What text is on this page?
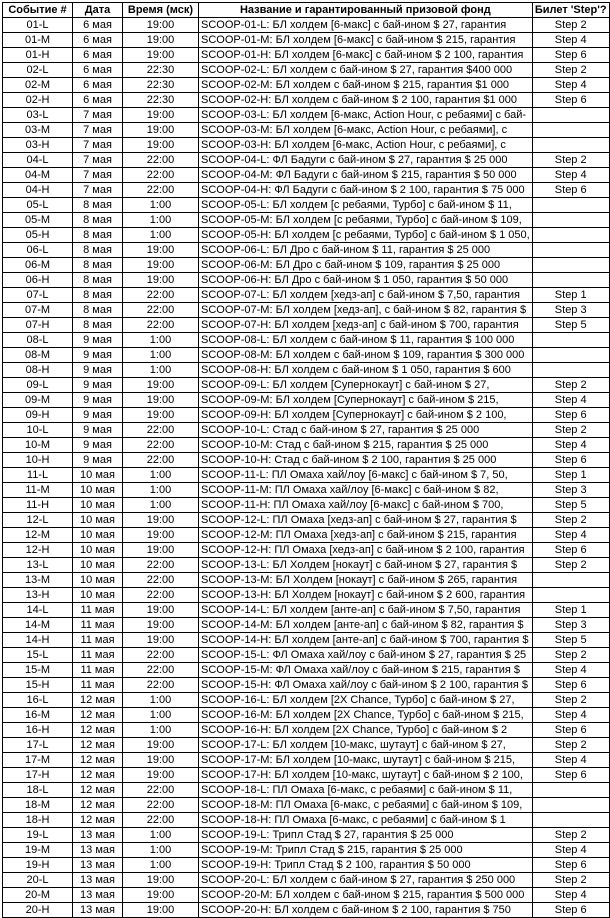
Событие #	Дата	Время (мск)	Название и гарантированный призовой фонд	Билет 'Step'?
01-L	6 мая	19:00	SCOOP-01-L: БЛ холдем [6-макс] с бай-ином $ 27, гарантия	Step 2
01-M	6 мая	19:00	SCOOP-01-M: БЛ холдем [6-макс] с бай-ином $ 215, гарантия	Step 4
01-H	6 мая	19:00	SCOOP-01-H: БЛ холдем [6-макс] с бай-ином $ 2 100, гарантия	Step 6
02-L	6 мая	22:30	SCOOP-02-L: БЛ холдем с бай-ином $ 27, гарантия $400 000	Step 2
02-M	6 мая	22:30	SCOOP-02-M: БЛ холдем с бай-ином $ 215, гарантия $1 000	Step 4
02-H	6 мая	22:30	SCOOP-02-H: БЛ холдем с бай-ином $ 2 100, гарантия $1 000	Step 6
03-L	7 мая	19:00	SCOOP-03-L: БЛ холдем [6-макс, Action Hour, с ребаями] с бай-	
03-M	7 мая	19:00	SCOOP-03-M: БЛ холдем [6-макс, Action Hour, с ребаями], с	
03-H	7 мая	19:00	SCOOP-03-H: БЛ холдем [6-макс, Action Hour, с ребаями], с	
04-L	7 мая	22:00	SCOOP-04-L: ФЛ Бадуги с бай-ином $ 27, гарантия $ 25 000	Step 2
04-M	7 мая	22:00	SCOOP-04-M: ФЛ Бадуги с бай-ином $ 215, гарантия $ 50 000	Step 4
04-H	7 мая	22:00	SCOOP-04-H: ФЛ Бадуги с бай-ином $ 2 100, гарантия $ 75 000	Step 6
05-L	8 мая	1:00	SCOOP-05-L: БЛ холдем [с ребаями, Турбо] с бай-ином $ 11,	
05-M	8 мая	1:00	SCOOP-05-M: БЛ холдем [с ребаями, Турбо] с бай-ином $ 109,	
05-H	8 мая	1:00	SCOOP-05-H: БЛ холдем [с ребаями, Турбо] с бай-ином $ 1 050,	
06-L	8 мая	19:00	SCOOP-06-L: БЛ Дро с бай-ином $ 11, гарантия $ 25 000	
06-M	8 мая	19:00	SCOOP-06-M: БЛ Дро с бай-ином $ 109, гарантия $ 25 000	
06-H	8 мая	19:00	SCOOP-06-H: БЛ Дро с бай-ином $ 1 050, гарантия $ 50 000	
07-L	8 мая	22:00	SCOOP-07-L: БЛ холдем [хедз-ап] с бай-ином $ 7,50, гарантия	Step 1
07-M	8 мая	22:00	SCOOP-07-M: БЛ холдем [хедз-ап], с бай-ином $ 82, гарантия $	Step 3
07-H	8 мая	22:00	SCOOP-07-H: БЛ холдем [хедз-ап] с бай-ином $ 700, гарантия	Step 5
08-L	9 мая	1:00	SCOOP-08-L: БЛ холдем с бай-ином $ 11, гарантия $ 100 000	
08-M	9 мая	1:00	SCOOP-08-M: БЛ холдем с бай-ином $ 109, гарантия $ 300 000	
08-H	9 мая	1:00	SCOOP-08-H: БЛ холдем с бай-ином $ 1 050, гарантия $ 600	
09-L	9 мая	19:00	SCOOP-09-L: БЛ холдем [Супернокаут] с бай-ином $ 27,	Step 2
09-M	9 мая	19:00	SCOOP-09-M: БЛ холдем [Супернокаут] с бай-ином $ 215,	Step 4
09-H	9 мая	19:00	SCOOP-09-H: БЛ холдем [Супернокаут] с бай-ином $ 2 100,	Step 6
10-L	9 мая	22:00	SCOOP-10-L: Стад с бай-ином $ 27, гарантия $ 25 000	Step 2
10-M	9 мая	22:00	SCOOP-10-M: Стад с бай-ином $ 215, гарантия $ 25 000	Step 4
10-H	9 мая	22:00	SCOOP-10-H: Стад с бай-ином $ 2 100, гарантия $ 25 000	Step 6
11-L	10 мая	1:00	SCOOP-11-L: ПЛ Омаха хай/лоу [6-макс] с бай-ином $ 7, 50,	Step 1
11-M	10 мая	1:00	SCOOP-11-M: ПЛ Омаха хай/лоу [6-макс] с бай-ином $ 82,	Step 3
11-H	10 мая	1:00	SCOOP-11-H: ПЛ Омаха хай/лоу [6-макс] с бай-ином $ 700,	Step 5
12-L	10 мая	19:00	SCOOP-12-L: ПЛ Омаха [хедз-ап] с бай-ином $ 27, гарантия $	Step 2
12-M	10 мая	19:00	SCOOP-12-M: ПЛ Омаха [хедз-ап] с бай-ином $ 215, гарантия	Step 4
12-H	10 мая	19:00	SCOOP-12-H: ПЛ Омаха [хедз-ап] с бай-ином $ 2 100, гарантия	Step 6
13-L	10 мая	22:00	SCOOP-13-L: БЛ Холдем [нокаут] с бай-ином $ 27, гарантия $	Step 2
13-M	10 мая	22:00	SCOOP-13-M: БЛ Холдем [нокаут] с бай-ином $ 265, гарантия	
13-H	10 мая	22:00	SCOOP-13-H: БЛ Холдем [нокаут] с бай-ином $ 2 600, гарантия	
14-L	11 мая	19:00	SCOOP-14-L: БЛ холдем [анте-ап] с бай-ином $ 7,50, гарантия	Step 1
14-M	11 мая	19:00	SCOOP-14-M: БЛ холдем [анте-ап] с бай-ином $ 82, гарантия $	Step 3
14-H	11 мая	19:00	SCOOP-14-H: БЛ холдем [анте-ап] с бай-ином $ 700, гарантия $	Step 5
15-L	11 мая	22:00	SCOOP-15-L: ФЛ Омаха хай/лоу с бай-ином $ 27, гарантия $ 25	Step 2
15-M	11 мая	22:00	SCOOP-15-M: ФЛ Омаха хай/лоу с бай-ином $ 215, гарантия $	Step 4
15-H	11 мая	22:00	SCOOP-15-H: ФЛ Омаха хай/лоу с бай-ином $ 2 100, гарантия $	Step 6
16-L	12 мая	1:00	SCOOP-16-L: БЛ холдем [2X Chance, Турбо] с бай-ином $ 27,	Step 2
16-M	12 мая	1:00	SCOOP-16-M: БЛ холдем [2X Chance, Турбо] с бай-ином $ 215,	Step 4
16-H	12 мая	1:00	SCOOP-16-H: БЛ холдем [2X Chance, Турбо] с бай-ином $ 2	Step 6
17-L	12 мая	19:00	SCOOP-17-L: БЛ холдем [10-макс, шутаут] с бай-ином $ 27,	Step 2
17-M	12 мая	19:00	SCOOP-17-M: БЛ холдем [10-макс, шутаут] с бай-ином $ 215,	Step 4
17-H	12 мая	19:00	SCOOP-17-H: БЛ холдем [10-макс, шутаут] с бай-ином $ 2 100,	Step 6
18-L	12 мая	22:00	SCOOP-18-L: ПЛ Омаха [6-макс, с ребаями] с бай-ином $ 11,	
18-M	12 мая	22:00	SCOOP-18-M: ПЛ Омаха [6-макс, с ребаями] с бай-ином $ 109,	
18-H	12 мая	22:00	SCOOP-18-H: ПЛ Омаха [6-макс, с ребаями] с бай-ином $ 1	
19-L	13 мая	1:00	SCOOP-19-L: Трипл Стад $ 27, гарантия $ 25 000	Step 2
19-M	13 мая	1:00	SCOOP-19-M: Трипл Стад $ 215, гарантия $ 25 000	Step 4
19-H	13 мая	1:00	SCOOP-19-H: Трипл Стад $ 2 100, гарантия $ 50 000	Step 6
20-L	13 мая	19:00	SCOOP-20-L: БЛ холдем с бай-ином $ 27, гарантия $ 250 000	Step 2
20-M	13 мая	19:00	SCOOP-20-M: БЛ холдем с бай-ином $ 215, гарантия $ 500 000	Step 4
20-H	13 мая	19:00	SCOOP-20-H: БЛ холдем с бай-ином $ 2 100, гарантия $ 750	Step 6
